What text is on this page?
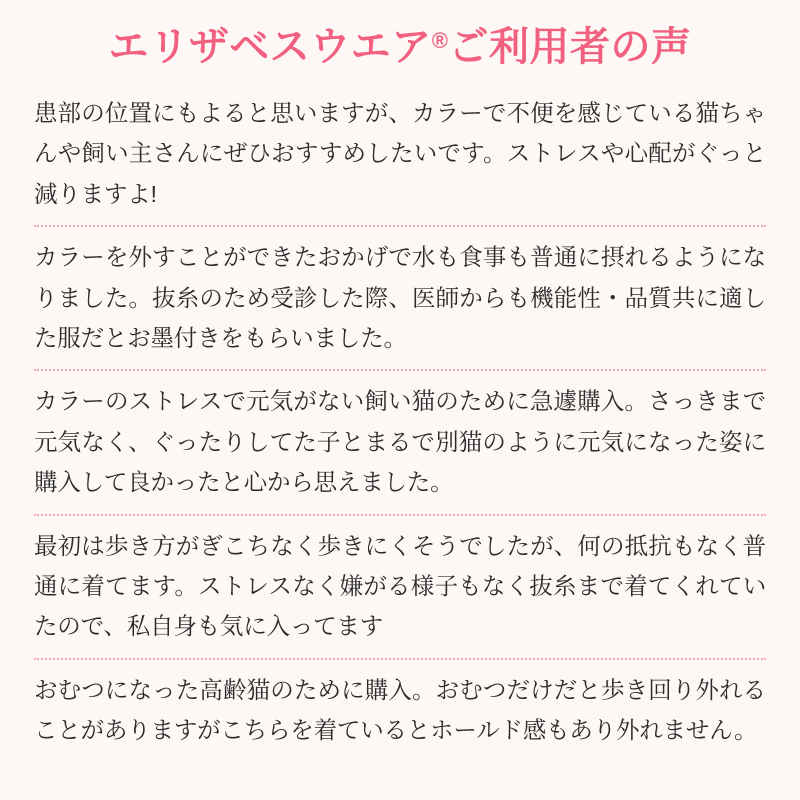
エリザベスウエア®ご利用者の声

患部の位置にもよると思いますが、カラーで不便を感じている猫ちゃんや飼い主さんにぜひおすすめしたいです。ストレスや心配がぐっと減りますよ!

カラーを外すことができたおかげで水も食事も普通に摂れるようになりました。抜糸のため受診した際、医師からも機能性・品質共に適した服だとお墨付きをもらいました。

カラーのストレスで元気がない飼い猫のために急遽購入。さっきまで元気なく、ぐったりしてた子とまるで別猫のように元気になった姿に購入して良かったと心から思えました。

最初は歩き方がぎこちなく歩きにくそうでしたが、何の抵抗もなく普通に着てます。ストレスなく嫌がる様子もなく抜糸まで着てくれていたので、私自身も気に入ってます

おむつになった高齢猫のために購入。おむつだけだと歩き回り外れることがありますがこちらを着ているとホールド感もあり外れません。
